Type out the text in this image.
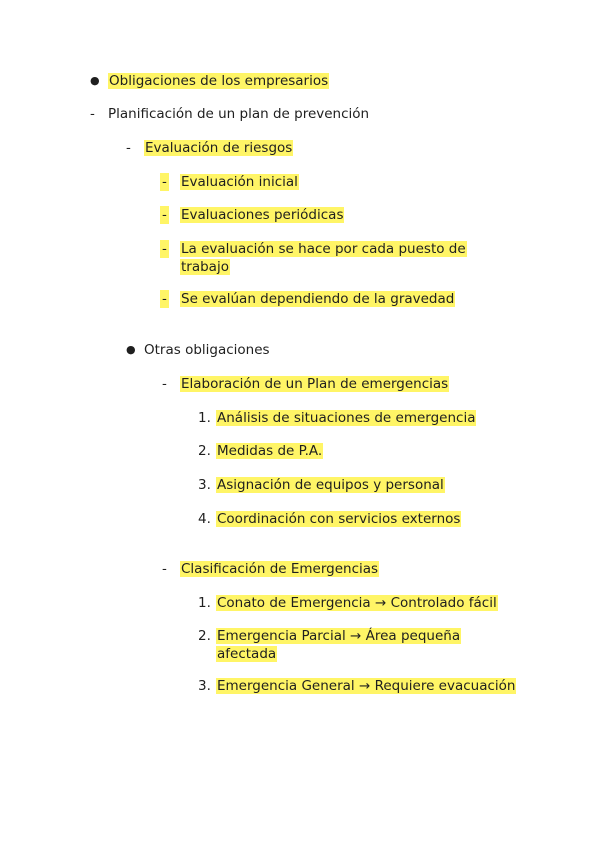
● Obligaciones de los empresarios
- Planificación de un plan de prevención
- Evaluación de riesgos
- Evaluación inicial
- Evaluaciones periódicas
- La evaluación se hace por cada puesto de
trabajo
- Se evalúan dependiendo de la gravedad
● Otras obligaciones
- Elaboración de un Plan de emergencias
1. Análisis de situaciones de emergencia
2. Medidas de P.A.
3. Asignación de equipos y personal
4. Coordinación con servicios externos
- Clasificación de Emergencias
1. Conato de Emergencia → Controlado fácil
2. Emergencia Parcial → Área pequeña
afectada
3. Emergencia General → Requiere evacuación
